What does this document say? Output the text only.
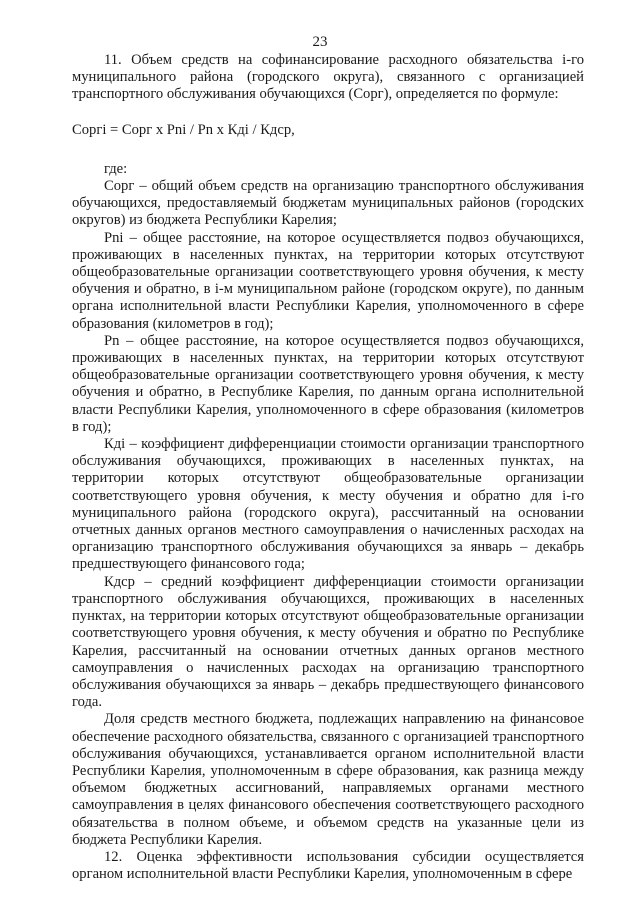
23

11. Объем средств на софинансирование расходного обязательства i-го муниципального района (городского округа), связанного с организацией транспортного обслуживания обучающихся (Сорг), определяется по формуле:

Соргi = Сорг x Рni / Рn x Кдi / Кдср,

где:

Сорг – общий объем средств на организацию транспортного обслуживания обучающихся, предоставляемый бюджетам муниципальных районов (городских округов) из бюджета Республики Карелия;

Рni – общее расстояние, на которое осуществляется подвоз обучающихся, проживающих в населенных пунктах, на территории которых отсутствуют общеобразовательные организации соответствующего уровня обучения, к месту обучения и обратно, в i-м муниципальном районе (городском округе), по данным органа исполнительной власти Республики Карелия, уполномоченного в сфере образования (километров в год);

Рn – общее расстояние, на которое осуществляется подвоз обучающихся, проживающих в населенных пунктах, на территории которых отсутствуют общеобразовательные организации соответствующего уровня обучения, к месту обучения и обратно, в Республике Карелия, по данным органа исполнительной власти Республики Карелия, уполномоченного в сфере образования (километров в год);

Кдi – коэффициент дифференциации стоимости организации транспортного обслуживания обучающихся, проживающих в населенных пунктах, на территории которых отсутствуют общеобразовательные организации соответствующего уровня обучения, к месту обучения и обратно для i-го муниципального района (городского округа), рассчитанный на основании отчетных данных органов местного самоуправления о начисленных расходах на организацию транспортного обслуживания обучающихся за январь – декабрь предшествующего финансового года;

Кдср – средний коэффициент дифференциации стоимости организации транспортного обслуживания обучающихся, проживающих в населенных пунктах, на территории которых отсутствуют общеобразовательные организации соответствующего уровня обучения, к месту обучения и обратно по Республике Карелия, рассчитанный на основании отчетных данных органов местного самоуправления о начисленных расходах на организацию транспортного обслуживания обучающихся за январь – декабрь предшествующего финансового года.

Доля средств местного бюджета, подлежащих направлению на финансовое обеспечение расходного обязательства, связанного с организацией транспортного обслуживания обучающихся, устанавливается органом исполнительной власти Республики Карелия, уполномоченным в сфере образования, как разница между объемом бюджетных ассигнований, направляемых органами местного самоуправления в целях финансового обеспечения соответствующего расходного обязательства в полном объеме, и объемом средств на указанные цели из бюджета Республики Карелия.

12. Оценка эффективности использования субсидии осуществляется органом исполнительной власти Республики Карелия, уполномоченным в сфере
